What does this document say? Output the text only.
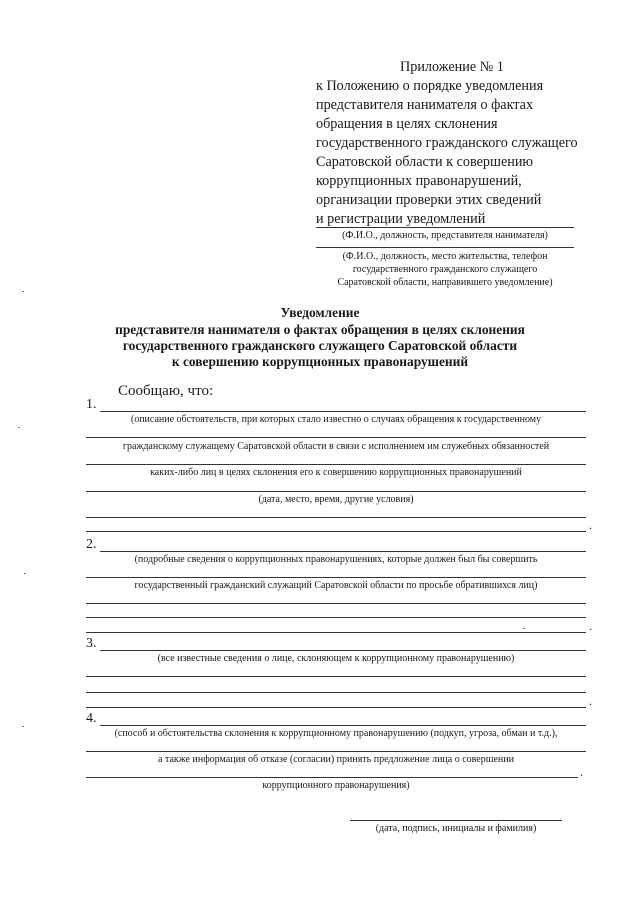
Приложение № 1
к Положению о порядке уведомления
представителя нанимателя о фактах
обращения в целях склонения
государственного гражданского служащего
Саратовской области к совершению
коррупционных правонарушений,
организации проверки этих сведений
и регистрации уведомлений
(Ф.И.О., должность, представителя нанимателя)
(Ф.И.О., должность, место жительства, телефон
государственного гражданского служащего
Саратовской области, направившего уведомление)
Уведомление
представителя нанимателя о фактах обращения в целях склонения
государственного гражданского служащего Саратовской области
к совершению коррупционных правонарушений
Сообщаю, что:
1.
(описание обстоятельств, при которых стало известно о случаях обращения к государственному
гражданскому служащему Саратовской области в связи с исполнением им служебных обязанностей
каких-либо лиц в целях склонения его к совершению коррупционных правонарушений
(дата, место, время, другие условия)
.
2.
(подробные сведения о коррупционных правонарушениях, которые должен был бы совершить
государственный гражданский служащий Саратовской области по просьбе обратившихся лиц)
.
3.
(все известные сведения о лице, склоняющем к коррупционному правонарушению)
.
4.
(способ и обстоятельства склонения к коррупционному правонарушению (подкуп, угроза, обман и т.д.),
а также информация об отказе (согласии) принять предложение лица о совершении
.
коррупционного правонарушения)
(дата, подпись, инициалы и фамилия)
